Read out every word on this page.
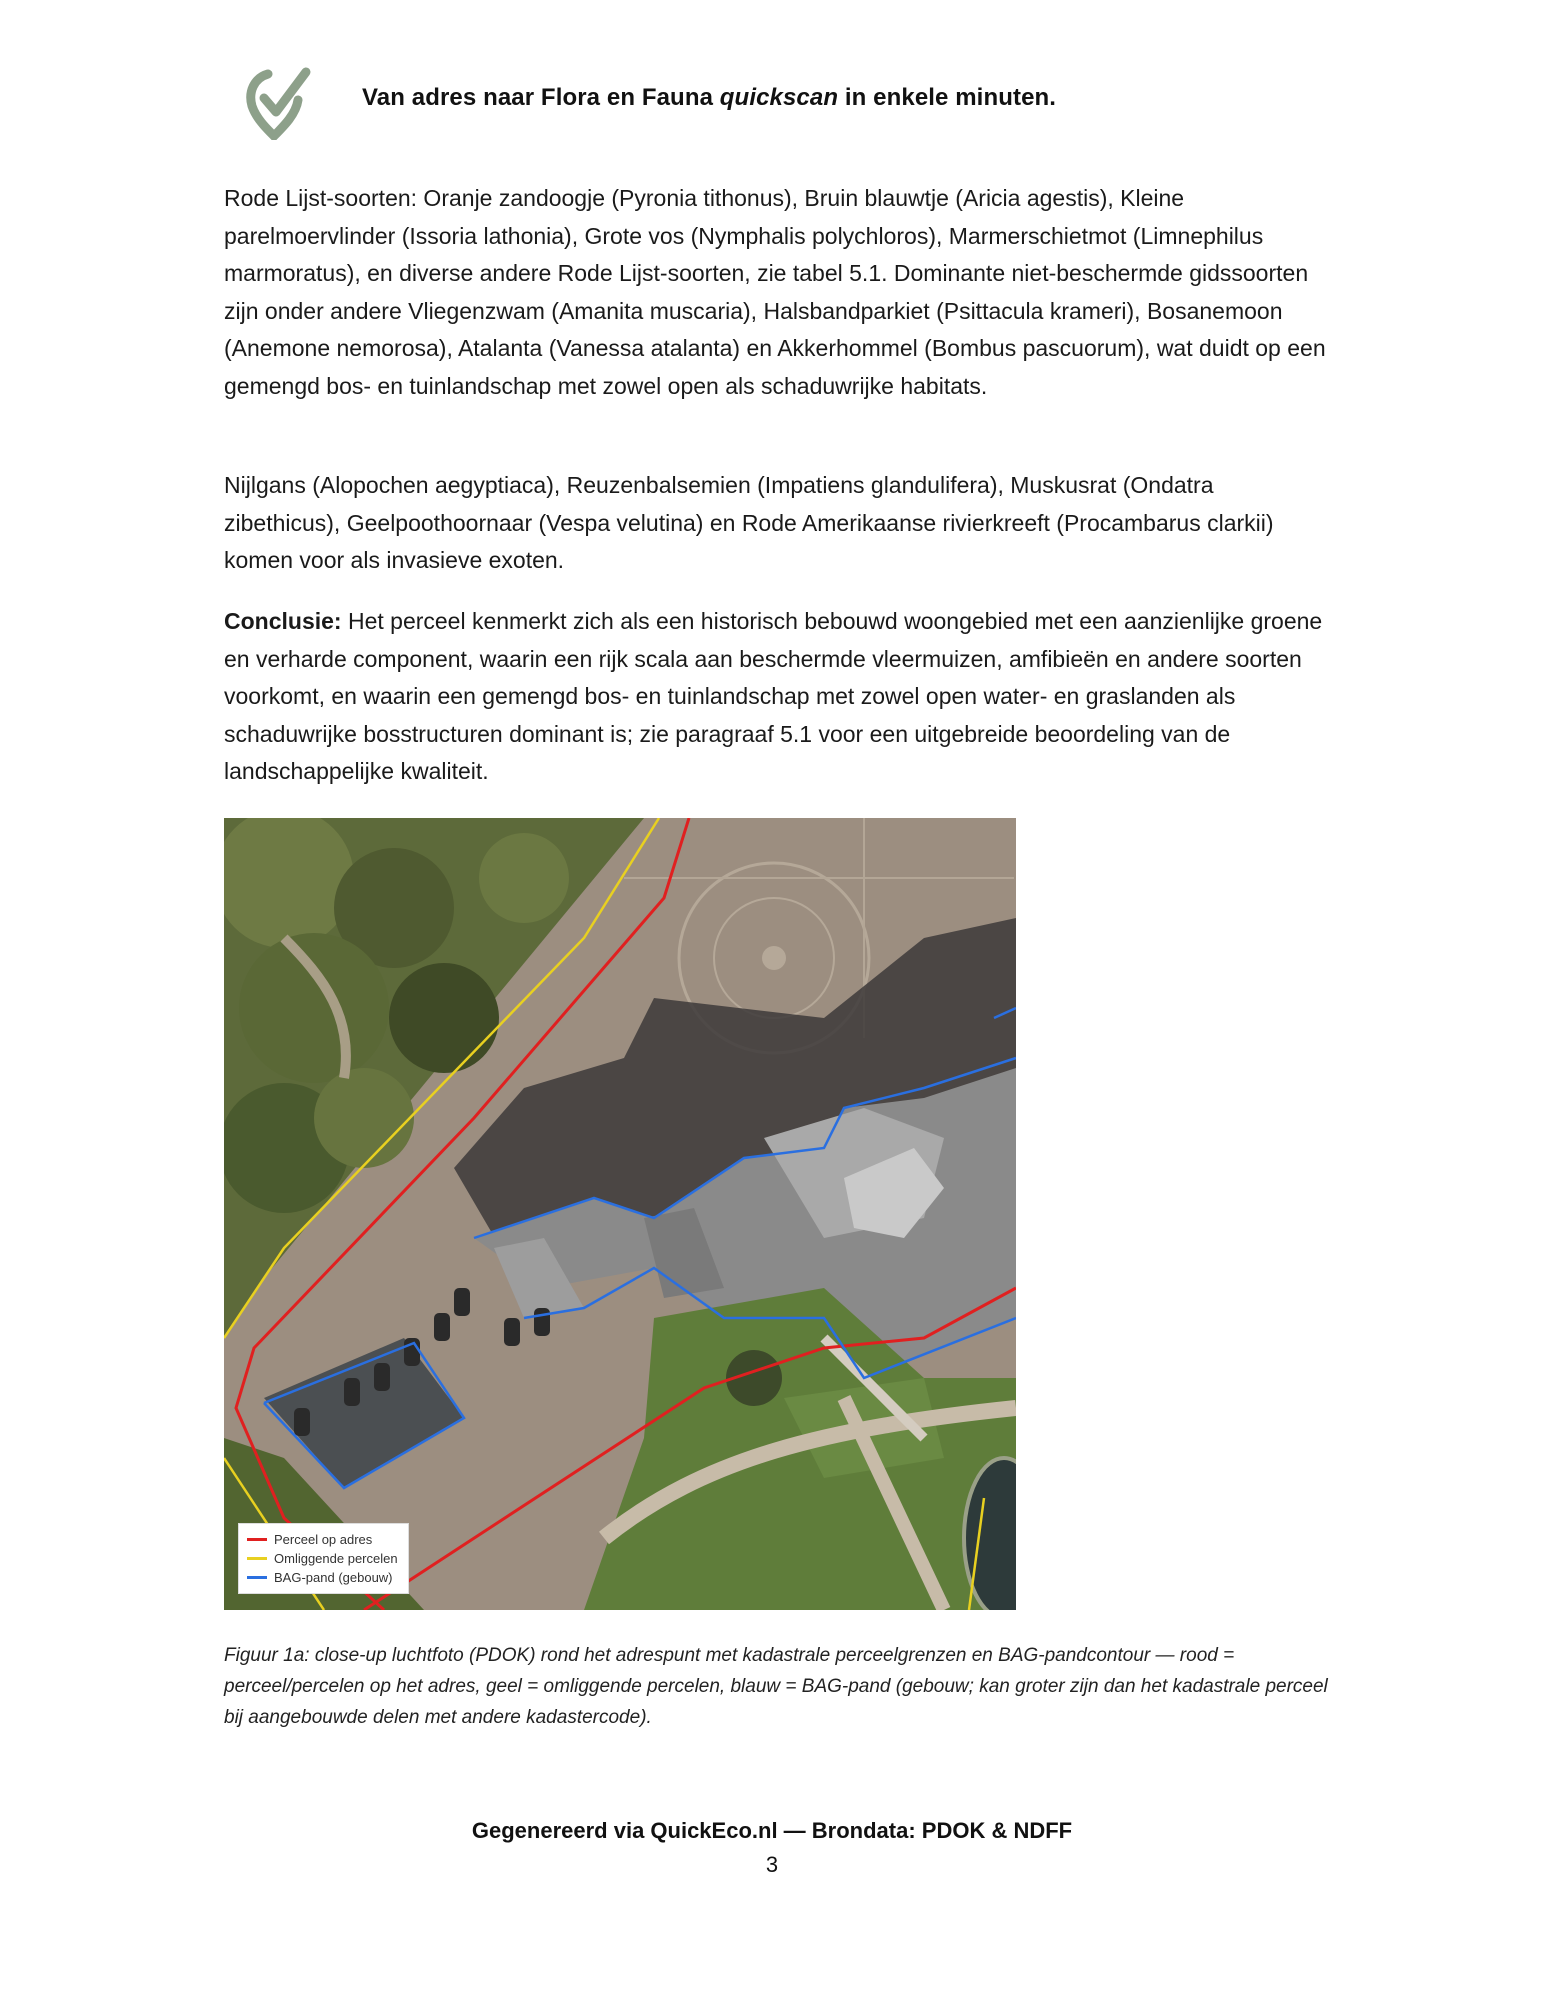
Van adres naar Flora en Fauna quickscan in enkele minuten.

Rode Lijst-soorten: Oranje zandoogje (Pyronia tithonus), Bruin blauwtje (Aricia agestis), Kleine parelmoervlinder (Issoria lathonia), Grote vos (Nymphalis polychloros), Marmerschietmot (Limnephilus marmoratus), en diverse andere Rode Lijst-soorten, zie tabel 5.1. Dominante niet-beschermde gidssoorten zijn onder andere Vliegenzwam (Amanita muscaria), Halsbandparkiet (Psittacula krameri), Bosanemoon (Anemone nemorosa), Atalanta (Vanessa atalanta) en Akkerhommel (Bombus pascuorum), wat duidt op een gemengd bos- en tuinlandschap met zowel open als schaduwrijke habitats.

Nijlgans (Alopochen aegyptiaca), Reuzenbalsemien (Impatiens glandulifera), Muskusrat (Ondatra zibethicus), Geelpoothoornaar (Vespa velutina) en Rode Amerikaanse rivierkreeft (Procambarus clarkii) komen voor als invasieve exoten.

Conclusie: Het perceel kenmerkt zich als een historisch bebouwd woongebied met een aanzienlijke groene en verharde component, waarin een rijk scala aan beschermde vleermuizen, amfibieën en andere soorten voorkomt, en waarin een gemengd bos- en tuinlandschap met zowel open water- en graslanden als schaduwrijke bosstructuren dominant is; zie paragraaf 5.1 voor een uitgebreide beoordeling van de landschappelijke kwaliteit.

Perceel op adres
Omliggende percelen
BAG-pand (gebouw)
Figuur 1a: close-up luchtfoto (PDOK) rond het adrespunt met kadastrale perceelgrenzen en BAG-pandcontour — rood = perceel/percelen op het adres, geel = omliggende percelen, blauw = BAG-pand (gebouw; kan groter zijn dan het kadastrale perceel bij aangebouwde delen met andere kadastercode).
Gegenereerd via QuickEco.nl — Brondata: PDOK & NDFF
3
